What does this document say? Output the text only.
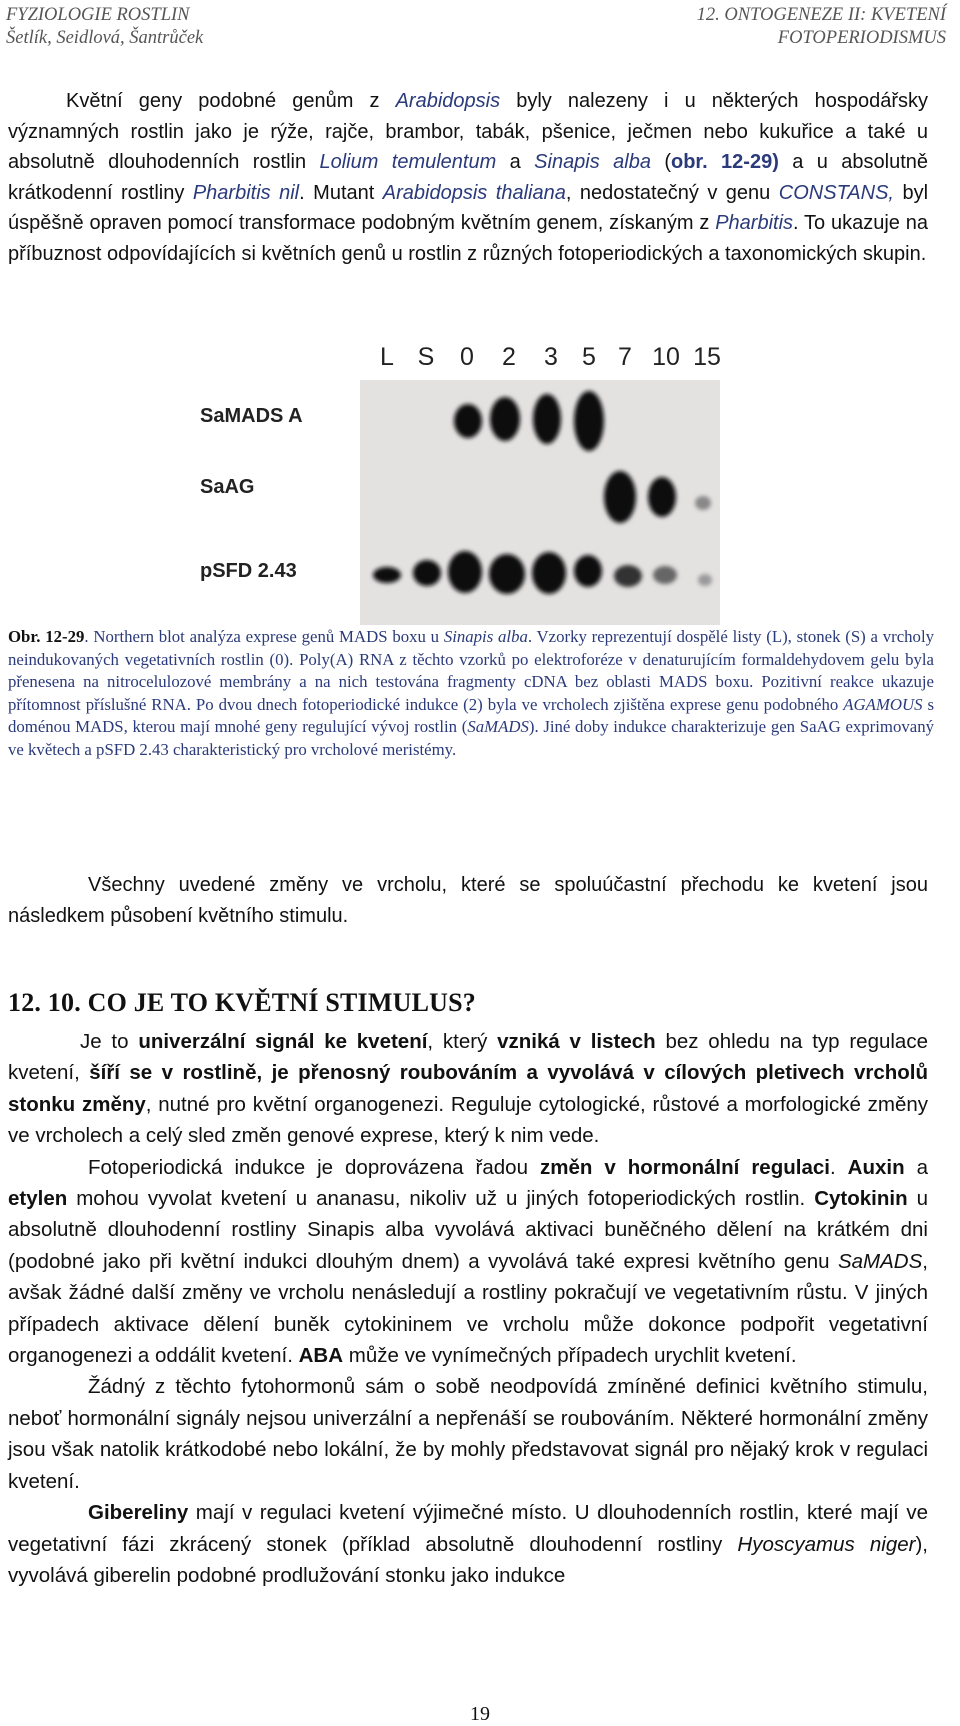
FYZIOLOGIE ROSTLIN
Šetlík, Seidlová, Šantrůček
12. ONTOGENEZE II: KVETENÍ
FOTOPERIODISMUS
Květní geny podobné genům z Arabidopsis byly nalezeny i u některých hospodářsky významných rostlin jako je rýže, rajče, brambor, tabák, pšenice, ječmen nebo kukuřice a také u absolutně dlouhodenních rostlin Lolium temulentum a Sinapis alba (obr. 12-29) a u absolutně krátkodenní rostliny Pharbitis nil. Mutant Arabidopsis thaliana, nedostatečný v genu CONSTANS, byl úspěšně opraven pomocí transformace podobným květním genem, získaným z Pharbitis. To ukazuje na příbuznost odpovídajících si květních genů u rostlin z různých fotoperiodických a taxonomických skupin.
L S 0 2 3 5 7 10 15
SaMADS A
SaAG
pSFD 2.43
Obr. 12-29. Northern blot analýza exprese genů MADS boxu u Sinapis alba. Vzorky reprezentují dospělé listy (L), stonek (S) a vrcholy neindukovaných vegetativních rostlin (0). Poly(A) RNA z těchto vzorků po elektroforéze v denaturujícím formaldehydovem gelu byla přenesena na nitrocelulozové membrány a na nich testována fragmenty cDNA bez oblasti MADS boxu. Pozitivní reakce ukazuje přítomnost příslušné RNA. Po dvou dnech fotoperiodické indukce (2) byla ve vrcholech zjištěna exprese genu podobného AGAMOUS s doménou MADS, kterou mají mnohé geny regulující vývoj rostlin (SaMADS). Jiné doby indukce charakterizuje gen SaAG exprimovaný ve květech a pSFD 2.43 charakteristický pro vrcholové meristémy.
Všechny uvedené změny ve vrcholu, které se spoluúčastní přechodu ke kvetení jsou následkem působení květního stimulu.
12. 10. CO JE TO KVĚTNÍ STIMULUS?
Je to univerzální signál ke kvetení, který vzniká v listech bez ohledu na typ regulace kvetení, šíří se v rostlině, je přenosný roubováním a vyvolává v cílových pletivech vrcholů stonku změny, nutné pro květní organogenezi. Reguluje cytologické, růstové a morfologické změny ve vrcholech a celý sled změn genové exprese, který k nim vede.
Fotoperiodická indukce je doprovázena řadou změn v hormonální regulaci. Auxin a etylen mohou vyvolat kvetení u ananasu, nikoliv už u jiných fotoperiodických rostlin. Cytokinin u absolutně dlouhodenní rostliny Sinapis alba vyvolává aktivaci buněčného dělení na krátkém dni (podobné jako při květní indukci dlouhým dnem) a vyvolává také expresi květního genu SaMADS, avšak žádné další změny ve vrcholu nenásledují a rostliny pokračují ve vegetativním růstu. V jiných případech aktivace dělení buněk cytokininem ve vrcholu může dokonce podpořit vegetativní organogenezi a oddálit kvetení. ABA může ve vynímečných případech urychlit kvetení.
Žádný z těchto fytohormonů sám o sobě neodpovídá zmíněné definici květního stimulu, neboť hormonální signály nejsou univerzální a nepřenáší se roubováním. Některé hormonální změny jsou však natolik krátkodobé nebo lokální, že by mohly představovat signál pro nějaký krok v regulaci kvetení.
Gibereliny mají v regulaci kvetení výjimečné místo. U dlouhodenních rostlin, které mají ve vegetativní fázi zkrácený stonek (příklad absolutně dlouhodenní rostliny Hyoscyamus niger), vyvolává giberelin podobné prodlužování stonku jako indukce
19
